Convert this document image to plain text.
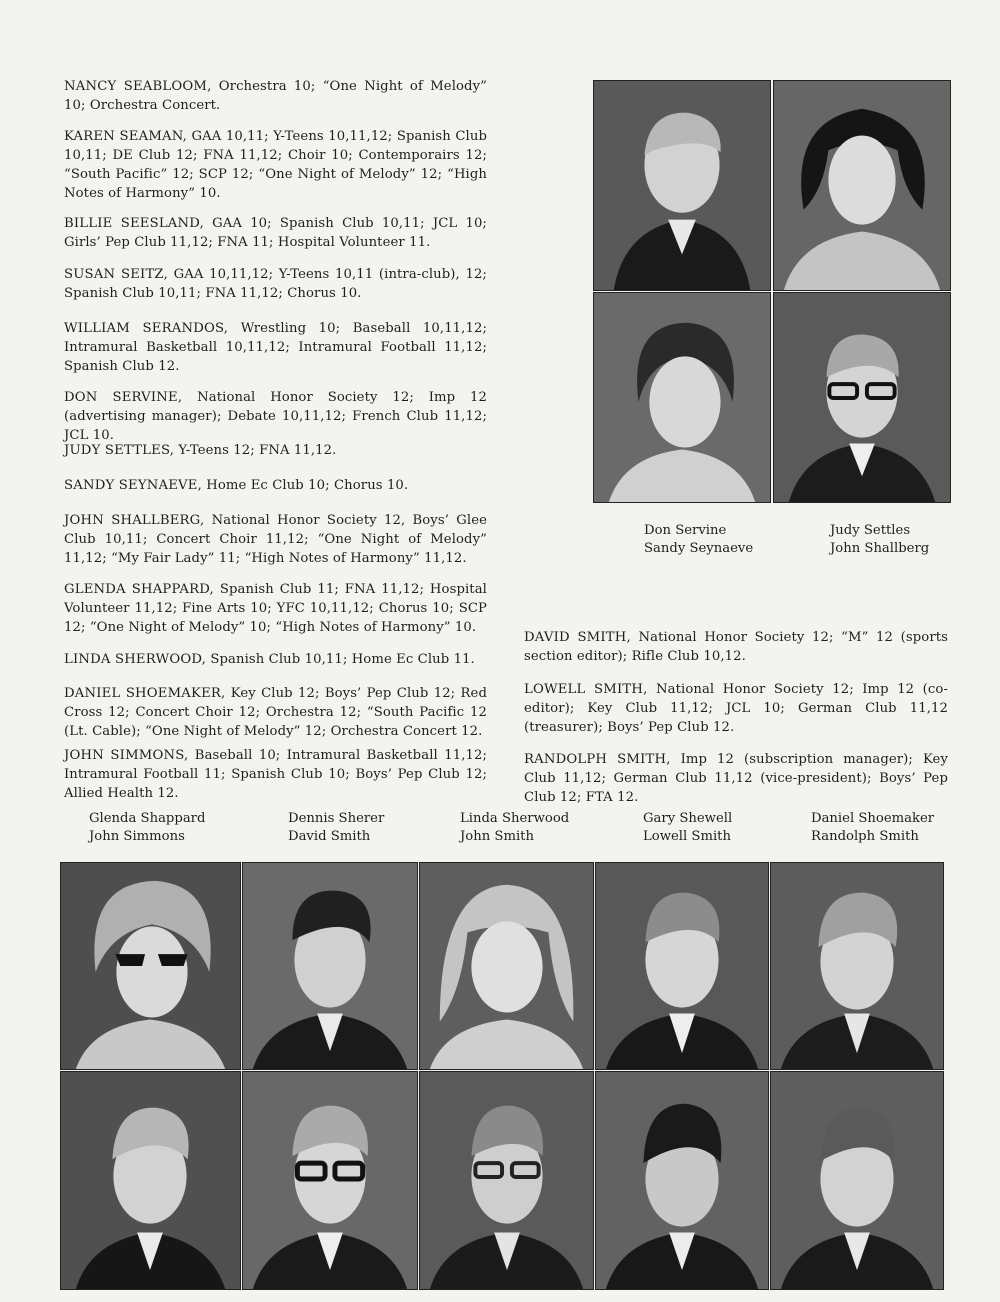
NANCY SEABLOOM, Orchestra 10; “One Night of Melody” 10; Orchestra Concert.

KAREN SEAMAN, GAA 10,11; Y-Teens 10,11,12; Spanish Club 10,11; DE Club 12; FNA 11,12; Choir 10; Contemporairs 12; “South Pacific” 12; SCP 12; “One Night of Melody” 12; “High Notes of Harmony” 10.

BILLIE SEESLAND, GAA 10; Spanish Club 10,11; JCL 10; Girls’ Pep Club 11,12; FNA 11; Hospital Volunteer 11.

SUSAN SEITZ, GAA 10,11,12; Y-Teens 10,11 (intra-club), 12; Spanish Club 10,11; FNA 11,12; Chorus 10.

WILLIAM SERANDOS, Wrestling 10; Baseball 10,11,12; Intramural Basketball 10,11,12; Intramural Football 11,12; Spanish Club 12.

DON SERVINE, National Honor Society 12; Imp 12 (advertising manager); Debate 10,11,12; French Club 11,12; JCL 10.

JUDY SETTLES, Y-Teens 12; FNA 11,12.

SANDY SEYNAEVE, Home Ec Club 10; Chorus 10.

JOHN SHALLBERG, National Honor Society 12, Boys’ Glee Club 10,11; Concert Choir 11,12; “One Night of Melody” 11,12; “My Fair Lady” 11; “High Notes of Harmony” 11,12.

GLENDA SHAPPARD, Spanish Club 11; FNA 11,12; Hospital Volunteer 11,12; Fine Arts 10; YFC 10,11,12; Chorus 10; SCP 12; “One Night of Melody” 10; “High Notes of Harmony” 10.

LINDA SHERWOOD, Spanish Club 10,11; Home Ec Club 11.

DANIEL SHOEMAKER, Key Club 12; Boys’ Pep Club 12; Red Cross 12; Concert Choir 12; Orchestra 12; “South Pacific 12 (Lt. Cable); “One Night of Melody” 12; Orchestra Concert 12.

JOHN SIMMONS, Baseball 10; Intramural Basketball 11,12; Intramural Football 11; Spanish Club 10; Boys’ Pep Club 12; Allied Health 12.

DAVID SMITH, National Honor Society 12; “M” 12 (sports section editor); Rifle Club 10,12.

LOWELL SMITH, National Honor Society 12; Imp 12 (co-editor); Key Club 11,12; JCL 10; German Club 11,12 (treasurer); Boys’ Pep Club 12.

RANDOLPH SMITH, Imp 12 (subscription manager); Key Club 11,12; German Club 11,12 (vice-president); Boys’ Pep Club 12; FTA 12.

Don Servine
Sandy Seynaeve
Judy Settles
John Shallberg
Glenda Shappard
John Simmons
Dennis Sherer
David Smith
Linda Sherwood
John Smith
Gary Shewell
Lowell Smith
Daniel Shoemaker
Randolph Smith
